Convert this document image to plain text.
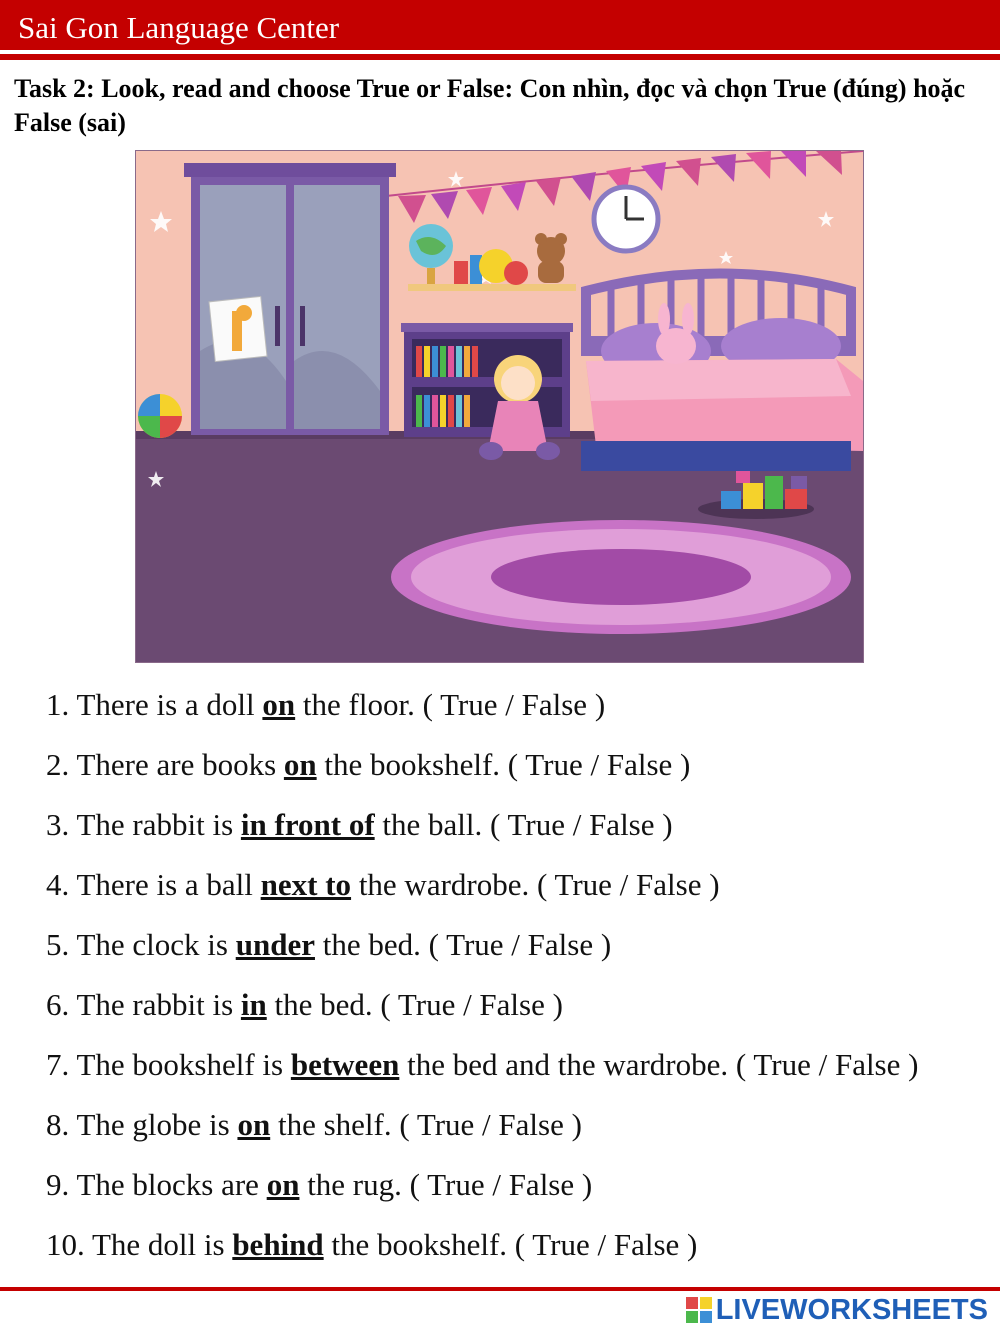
Sai Gon Language Center
Task 2: Look, read and choose True or False: Con nhìn, đọc và chọn True (đúng) hoặc False (sai)
1. There is a doll on the floor. ( True / False )
2. There are books on the bookshelf. ( True / False )
3. The rabbit is in front of the ball. ( True / False )
4. There is a ball next to the wardrobe. ( True / False )
5. The clock is under the bed. ( True / False )
6. The rabbit is in the bed. ( True / False )
7. The bookshelf is between the bed and the wardrobe. ( True / False )
8. The globe is on the shelf. ( True / False )
9. The blocks are on the rug. ( True / False )
10. The doll is behind the bookshelf. ( True / False )
LIVEWORKSHEETS
